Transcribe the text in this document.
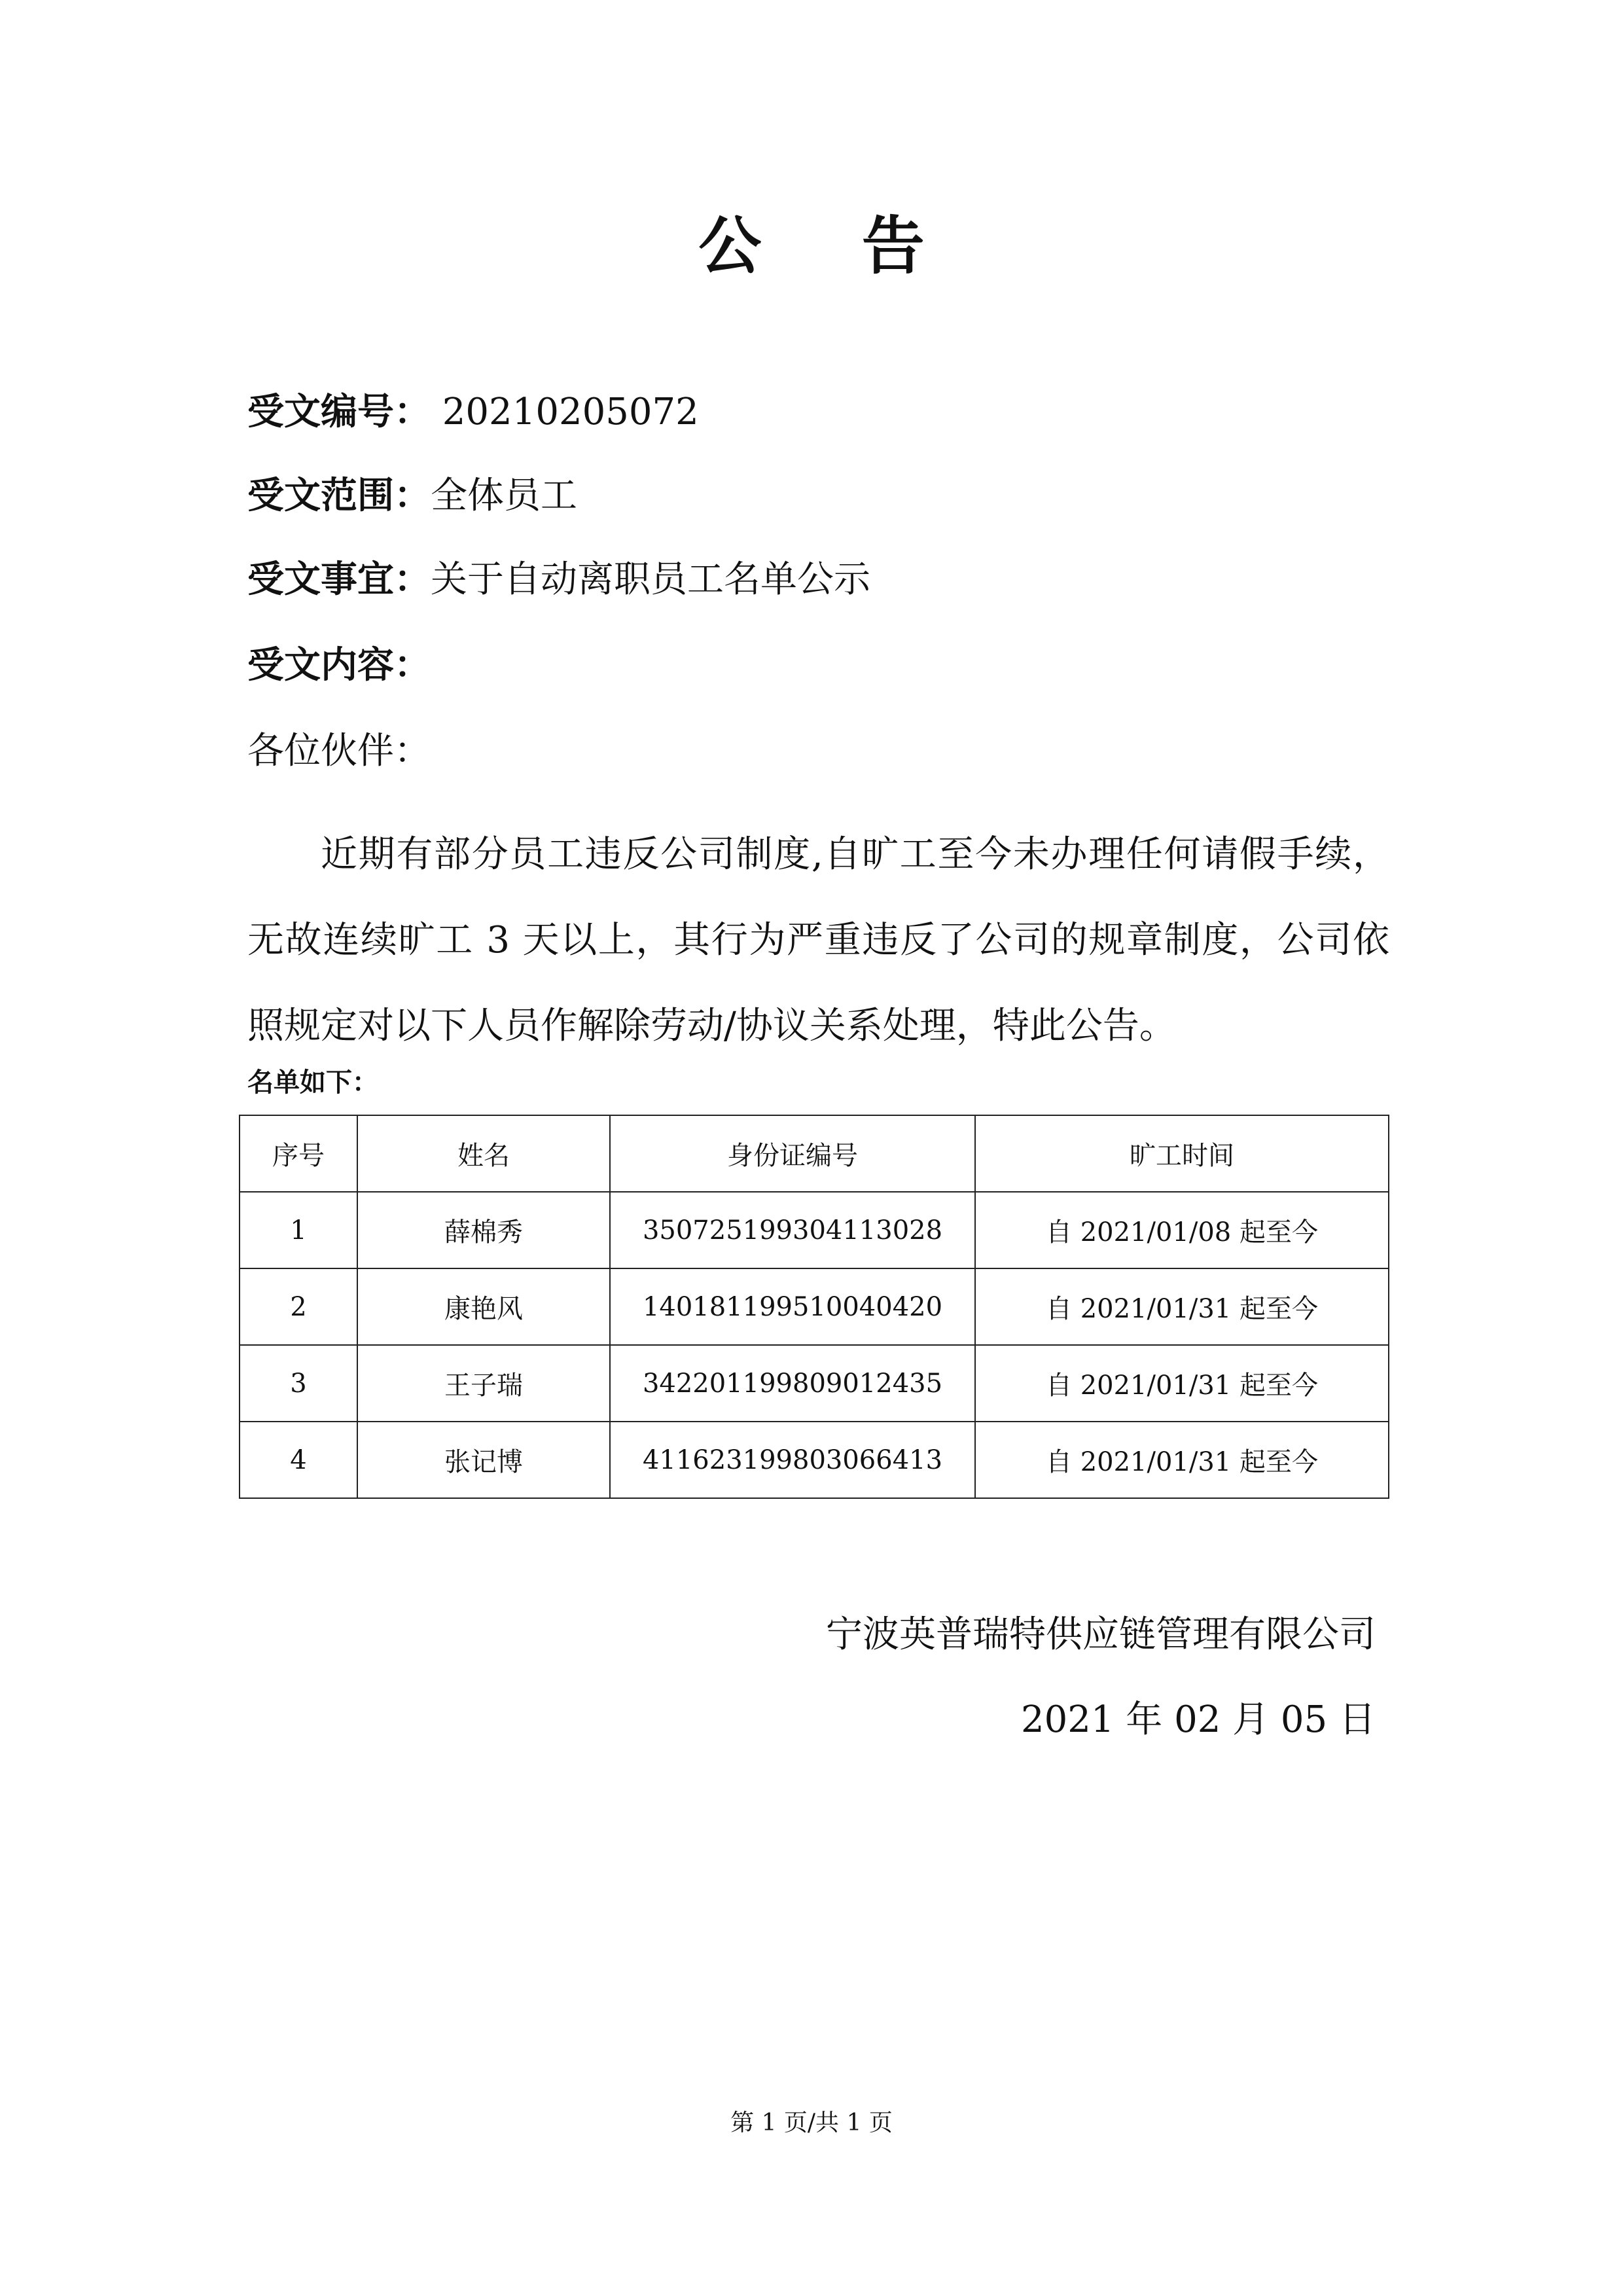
公 告
受文编号： 20210205072
受文范围：全体员工
受文事宜：关于自动离职员工名单公示
受文内容：
各位伙伴：
近期有部分员工违反公司制度,自旷工至今未办理任何请假手续，无故连续旷工 3 天以上，其行为严重违反了公司的规章制度，公司依照规定对以下人员作解除劳动/协议关系处理，特此公告。
名单如下：
序号	姓名	身份证编号	旷工时间
1	薛棉秀	350725199304113028	自 2021/01/08 起至今
2	康艳风	140181199510040420	自 2021/01/31 起至今
3	王子瑞	342201199809012435	自 2021/01/31 起至今
4	张记博	411623199803066413	自 2021/01/31 起至今
宁波英普瑞特供应链管理有限公司
2021 年 02 月 05 日
第 1 页/共 1 页
